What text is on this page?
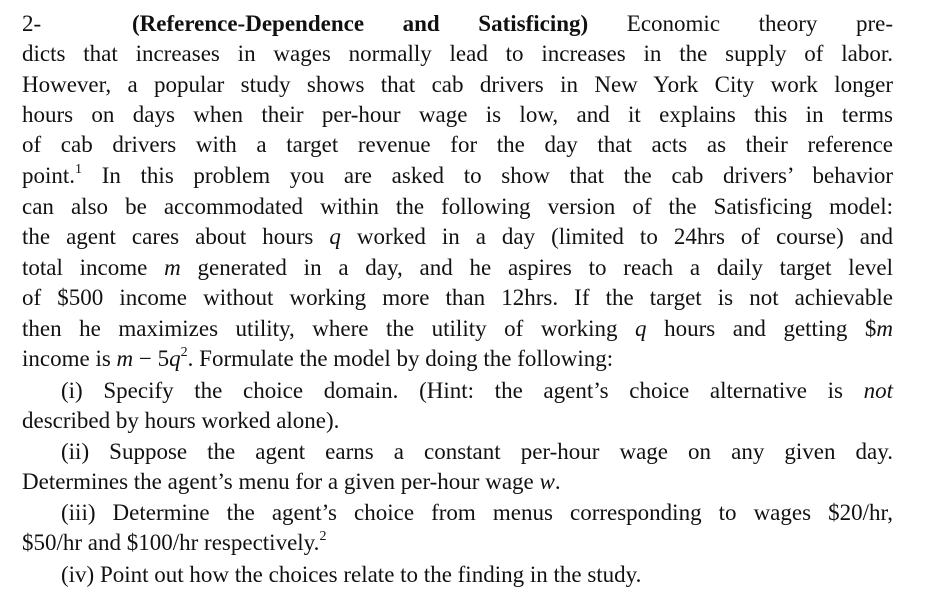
2-	(Reference-Dependence and Satisficing) Economic theory pre-
dicts that increases in wages normally lead to increases in the supply of labor.
However, a popular study shows that cab drivers in New York City work longer
hours on days when their per-hour wage is low, and it explains this in terms
of cab drivers with a target revenue for the day that acts as their reference
point.$^1$ In this problem you are asked to show that the cab drivers’ behavior
can also be accommodated within the following version of the Satisficing model:
the agent cares about hours q worked in a day (limited to 24hrs of course) and
total income m generated in a day, and he aspires to reach a daily target level
of $500 income without working more than 12hrs. If the target is not achievable
then he maximizes utility, where the utility of working q hours and getting $m
income is $m - 5q^2$. Formulate the model by doing the following:
(i) Specify the choice domain. (Hint: the agent’s choice alternative is not
described by hours worked alone).
(ii) Suppose the agent earns a constant per-hour wage on any given day.
Determines the agent’s menu for a given per-hour wage w.
(iii) Determine the agent’s choice from menus corresponding to wages $20/hr,
$50/hr and $100/hr respectively.$^2$
(iv) Point out how the choices relate to the finding in the study.
